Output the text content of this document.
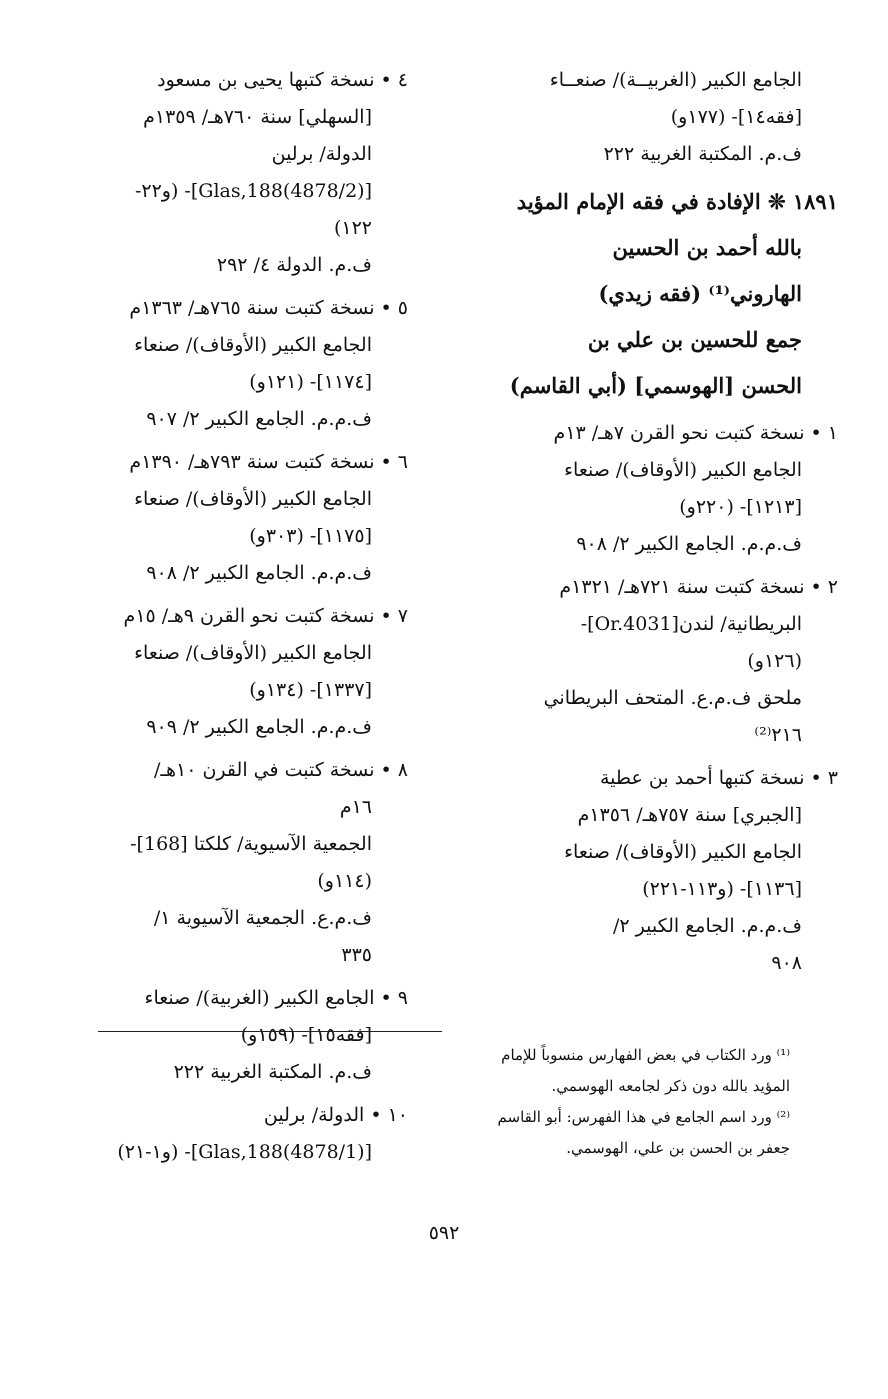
الجامع الكبير (الغربيــة)/ صنعــاء
[فقه١٤]- (١٧٧و)
ف.م. المكتبة الغربية ٢٢٢
١٨٩١ ❊ الإفادة في فقه الإمام المؤيد
بالله أحمد بن الحسين
الهاروني⁽¹⁾ (فقه زيدي)
جمع للحسين بن علي بن
الحسن [الهوسمي] (أبي القاسم)
١ • نسخة كتبت نحو القرن ٧هـ/ ١٣م
الجامع الكبير (الأوقاف)/ صنعاء
[١٢١٣]- (٢٢٠و)
ف.م.م. الجامع الكبير ٢/ ٩٠٨
٢ • نسخة كتبت سنة ٧٢١هـ/ ١٣٢١م
البريطانية/ لندن[Or.4031]-
(١٢٦و)
ملحق ف.م.ع. المتحف البريطاني
٢١٦⁽²⁾
٣ • نسخة كتبها أحمد بن عطية
[الجبري] سنة ٧٥٧هـ/ ١٣٥٦م
الجامع الكبير (الأوقاف)/ صنعاء
[١١٣٦]- (و١١٣-٢٢١)
ف.م.م. الجامع الكبير ٢/
٩٠٨
٤ • نسخة كتبها يحيى بن مسعود
[السهلي] سنة ٧٦٠هـ/ ١٣٥٩م
الدولة/ برلين
[Glas,188(4878/2)]- (و٢٢-
١٢٢)
ف.م. الدولة ٤/ ٢٩٢
٥ • نسخة كتبت سنة ٧٦٥هـ/ ١٣٦٣م
الجامع الكبير (الأوقاف)/ صنعاء
[١١٧٤]- (١٢١و)
ف.م.م. الجامع الكبير ٢/ ٩٠٧
٦ • نسخة كتبت سنة ٧٩٣هـ/ ١٣٩٠م
الجامع الكبير (الأوقاف)/ صنعاء
[١١٧٥]- (٣٠٣و)
ف.م.م. الجامع الكبير ٢/ ٩٠٨
٧ • نسخة كتبت نحو القرن ٩هـ/ ١٥م
الجامع الكبير (الأوقاف)/ صنعاء
[١٣٣٧]- (١٣٤و)
ف.م.م. الجامع الكبير ٢/ ٩٠٩
٨ • نسخة كتبت في القرن ١٠هـ/
١٦م
الجمعية الآسيوية/ كلكتا [168]-
(١١٤و)
ف.م.ع. الجمعية الآسيوية ١/
٣٣٥
٩ • الجامع الكبير (الغربية)/ صنعاء
[فقه١٥]- (١٥٩و)
ف.م. المكتبة الغربية ٢٢٢
١٠ • الدولة/ برلين
[Glas,188(4878/1)]- (و١-٢١)
⁽¹⁾ ورد الكتاب في بعض الفهارس منسوباً للإمام
المؤيد بالله دون ذكر لجامعه الهوسمي.
⁽²⁾ ورد اسم الجامع في هذا الفهرس: أبو القاسم
جعفر بن الحسن بن علي، الهوسمي.
٥٩٢
